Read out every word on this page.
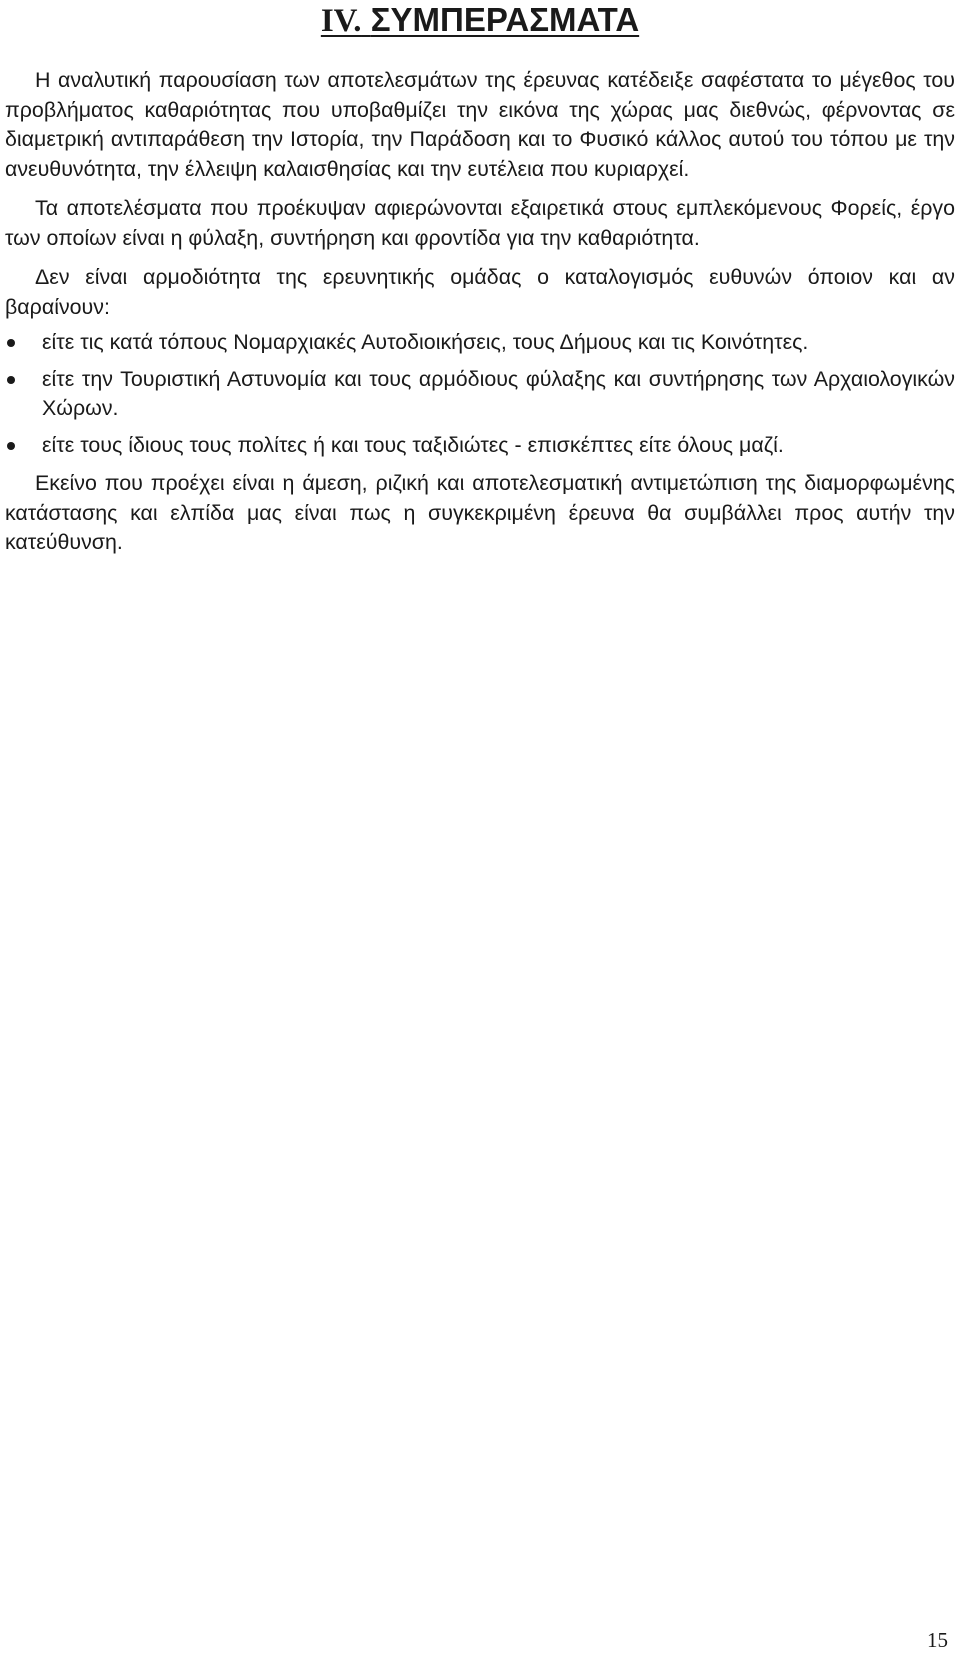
IV. ΣΥΜΠΕΡΑΣΜΑΤΑ

Η αναλυτική παρουσίαση των αποτελεσμάτων της έρευνας κατέδειξε σαφέστατα το μέγεθος του προβλήματος καθαριότητας που υποβαθμίζει την εικόνα της χώρας μας διεθνώς, φέρνοντας σε διαμετρική αντιπαράθεση την Ιστορία, την Παράδοση και το Φυσικό κάλλος αυτού του τόπου με την ανευθυνότητα, την έλλειψη καλαισθησίας και την ευτέλεια που κυριαρχεί.

Τα αποτελέσματα που προέκυψαν αφιερώνονται εξαιρετικά στους εμπλεκόμενους Φορείς, έργο των οποίων είναι η φύλαξη, συντήρηση και φροντίδα για την καθαριότητα.

Δεν είναι αρμοδιότητα της ερευνητικής ομάδας ο καταλογισμός ευθυνών όποιον και αν βαραίνουν:

είτε τις κατά τόπους Νομαρχιακές Αυτοδιοικήσεις, τους Δήμους και τις Κοινότητες.
είτε την Τουριστική Αστυνομία και τους αρμόδιους φύλαξης και συντήρησης των Αρχαιολογικών Χώρων.
είτε τους ίδιους τους πολίτες ή και τους ταξιδιώτες - επισκέπτες είτε όλους μαζί.

Εκείνο που προέχει είναι η άμεση, ριζική και αποτελεσματική αντιμετώπιση της διαμορφωμένης κατάστασης και ελπίδα μας είναι πως η συγκεκριμένη έρευνα θα συμβάλλει προς αυτήν την κατεύθυνση.

15
